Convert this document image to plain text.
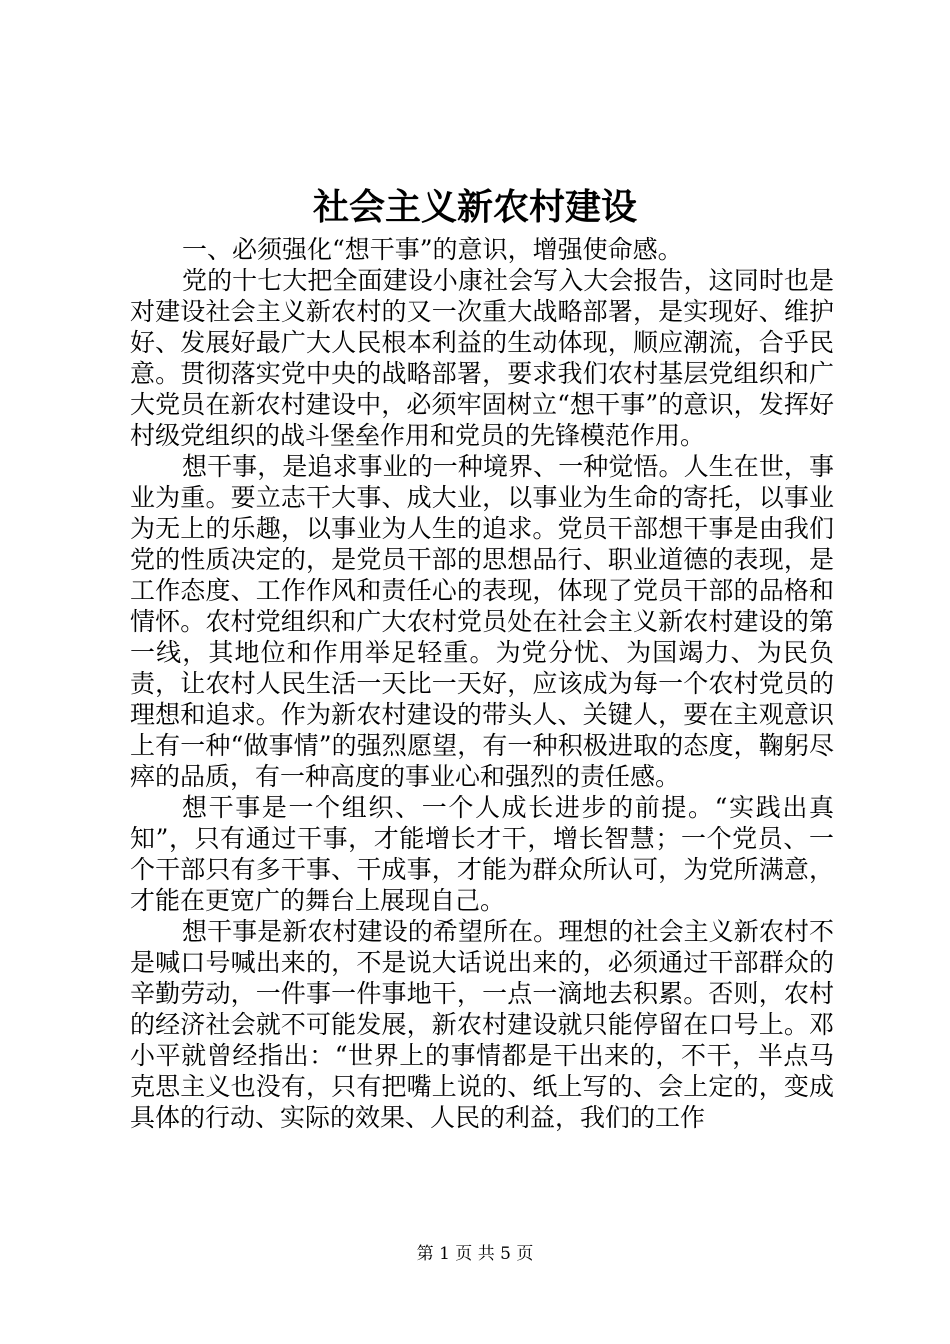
社会主义新农村建设

一、必须强化“想干事”的意识，增强使命感。

党的十七大把全面建设小康社会写入大会报告，这同时也是对建设社会主义新农村的又一次重大战略部署，是实现好、维护好、发展好最广大人民根本利益的生动体现，顺应潮流，合乎民意。贯彻落实党中央的战略部署，要求我们农村基层党组织和广大党员在新农村建设中，必须牢固树立“想干事”的意识，发挥好村级党组织的战斗堡垒作用和党员的先锋模范作用。

想干事，是追求事业的一种境界、一种觉悟。人生在世，事业为重。要立志干大事、成大业，以事业为生命的寄托，以事业为无上的乐趣，以事业为人生的追求。党员干部想干事是由我们党的性质决定的，是党员干部的思想品行、职业道德的表现，是工作态度、工作作风和责任心的表现，体现了党员干部的品格和情怀。农村党组织和广大农村党员处在社会主义新农村建设的第一线，其地位和作用举足轻重。为党分忧、为国竭力、为民负责，让农村人民生活一天比一天好，应该成为每一个农村党员的理想和追求。作为新农村建设的带头人、关键人，要在主观意识上有一种“做事情”的强烈愿望，有一种积极进取的态度，鞠躬尽瘁的品质，有一种高度的事业心和强烈的责任感。

想干事是一个组织、一个人成长进步的前提。“实践出真知”，只有通过干事，才能增长才干，增长智慧；一个党员、一个干部只有多干事、干成事，才能为群众所认可，为党所满意，才能在更宽广的舞台上展现自己。

想干事是新农村建设的希望所在。理想的社会主义新农村不是喊口号喊出来的，不是说大话说出来的，必须通过干部群众的辛勤劳动，一件事一件事地干，一点一滴地去积累。否则，农村的经济社会就不可能发展，新农村建设就只能停留在口号上。邓小平就曾经指出：“世界上的事情都是干出来的，不干，半点马克思主义也没有，只有把嘴上说的、纸上写的、会上定的，变成具体的行动、实际的效果、人民的利益，我们的工作

第 1 页 共 5 页
